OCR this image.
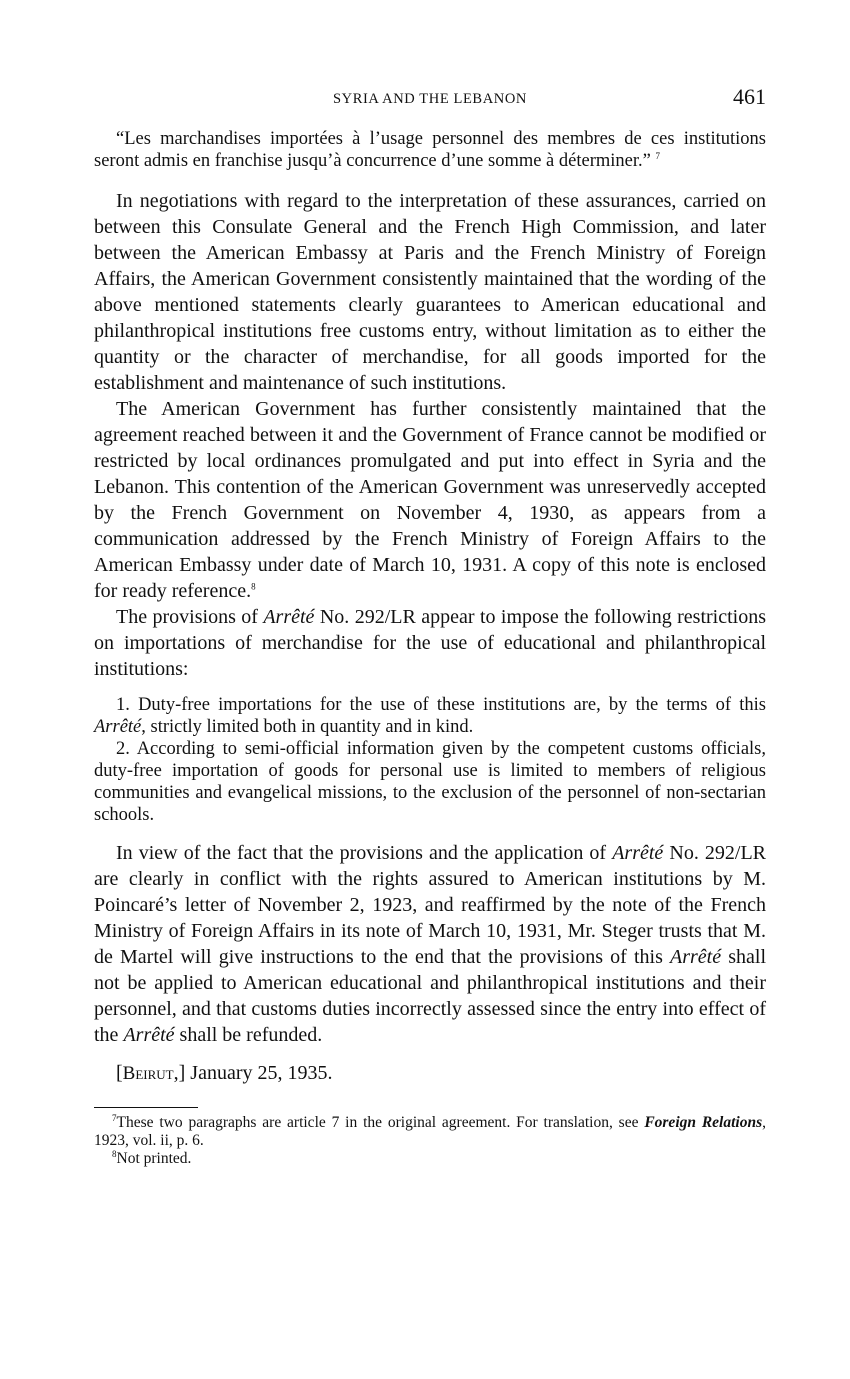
SYRIA AND THE LEBANON	461

“Les marchandises importées à l’usage personnel des membres de ces institutions seront admis en franchise jusqu’à concurrence d’une somme à déterminer.” $^7$

In negotiations with regard to the interpretation of these assurances, carried on between this Consulate General and the French High Commission, and later between the American Embassy at Paris and the French Ministry of Foreign Affairs, the American Government consistently maintained that the wording of the above mentioned statements clearly guarantees to American educational and philanthropical institutions free customs entry, without limitation as to either the quantity or the character of merchandise, for all goods imported for the establishment and maintenance of such institutions.

The American Government has further consistently maintained that the agreement reached between it and the Government of France cannot be modified or restricted by local ordinances promulgated and put into effect in Syria and the Lebanon. This contention of the American Government was unreservedly accepted by the French Government on November 4, 1930, as appears from a communication addressed by the French Ministry of Foreign Affairs to the American Embassy under date of March 10, 1931. A copy of this note is enclosed for ready reference.$^8$

The provisions of Arrêté No. 292/LR appear to impose the following restrictions on importations of merchandise for the use of educational and philanthropical institutions:

1. Duty-free importations for the use of these institutions are, by the terms of this Arrêté, strictly limited both in quantity and in kind.

2. According to semi-official information given by the competent customs officials, duty-free importation of goods for personal use is limited to members of religious communities and evangelical missions, to the exclusion of the personnel of non-sectarian schools.

In view of the fact that the provisions and the application of Arrêté No. 292/LR are clearly in conflict with the rights assured to American institutions by M. Poincaré’s letter of November 2, 1923, and reaffirmed by the note of the French Ministry of Foreign Affairs in its note of March 10, 1931, Mr. Steger trusts that M. de Martel will give instructions to the end that the provisions of this Arrêté shall not be applied to American educational and philanthropical institutions and their personnel, and that customs duties incorrectly assessed since the entry into effect of the Arrêté shall be refunded.

[Beirut,] January 25, 1935.

$^7$These two paragraphs are article 7 in the original agreement. For translation, see Foreign Relations, 1923, vol. ii, p. 6.

$^8$Not printed.
